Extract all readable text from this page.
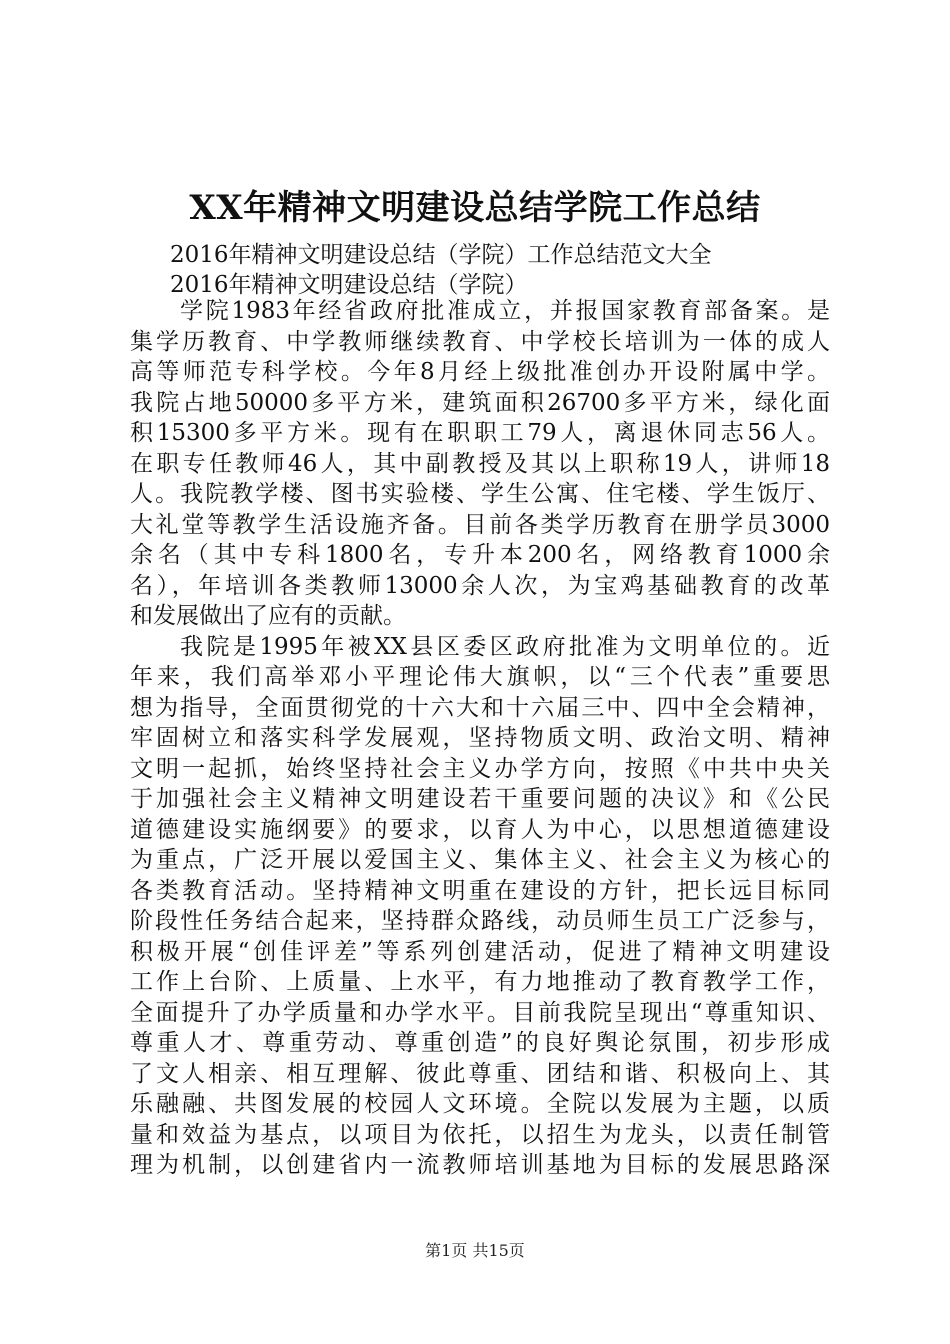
XX年精神文明建设总结学院工作总结
2016年精神文明建设总结（学院）工作总结范文大全
2016年精神文明建设总结（学院）
学院1983年经省政府批准成立，并报国家教育部备案。是
集学历教育、中学教师继续教育、中学校长培训为一体的成人
高等师范专科学校。今年8月经上级批准创办开设附属中学。
我院占地50000多平方米，建筑面积26700多平方米，绿化面
积15300多平方米。现有在职职工79人，离退休同志56人。
在职专任教师46人，其中副教授及其以上职称19人，讲师18
人。我院教学楼、图书实验楼、学生公寓、住宅楼、学生饭厅、
大礼堂等教学生活设施齐备。目前各类学历教育在册学员3000
余名（其中专科1800名，专升本200名，网络教育1000余
名），年培训各类教师13000余人次，为宝鸡基础教育的改革
和发展做出了应有的贡献。
我院是1995年被XX县区委区政府批准为文明单位的。近
年来，我们高举邓小平理论伟大旗帜，以“三个代表”重要思
想为指导，全面贯彻党的十六大和十六届三中、四中全会精神，
牢固树立和落实科学发展观，坚持物质文明、政治文明、精神
文明一起抓，始终坚持社会主义办学方向，按照《中共中央关
于加强社会主义精神文明建设若干重要问题的决议》和《公民
道德建设实施纲要》的要求，以育人为中心，以思想道德建设
为重点，广泛开展以爱国主义、集体主义、社会主义为核心的
各类教育活动。坚持精神文明重在建设的方针，把长远目标同
阶段性任务结合起来，坚持群众路线，动员师生员工广泛参与，
积极开展“创佳评差”等系列创建活动，促进了精神文明建设
工作上台阶、上质量、上水平，有力地推动了教育教学工作，
全面提升了办学质量和办学水平。目前我院呈现出“尊重知识、
尊重人才、尊重劳动、尊重创造”的良好舆论氛围，初步形成
了文人相亲、相互理解、彼此尊重、团结和谐、积极向上、其
乐融融、共图发展的校园人文环境。全院以发展为主题，以质
量和效益为基点，以项目为依托，以招生为龙头，以责任制管
理为机制，以创建省内一流教师培训基地为目标的发展思路深
第1页 共15页
